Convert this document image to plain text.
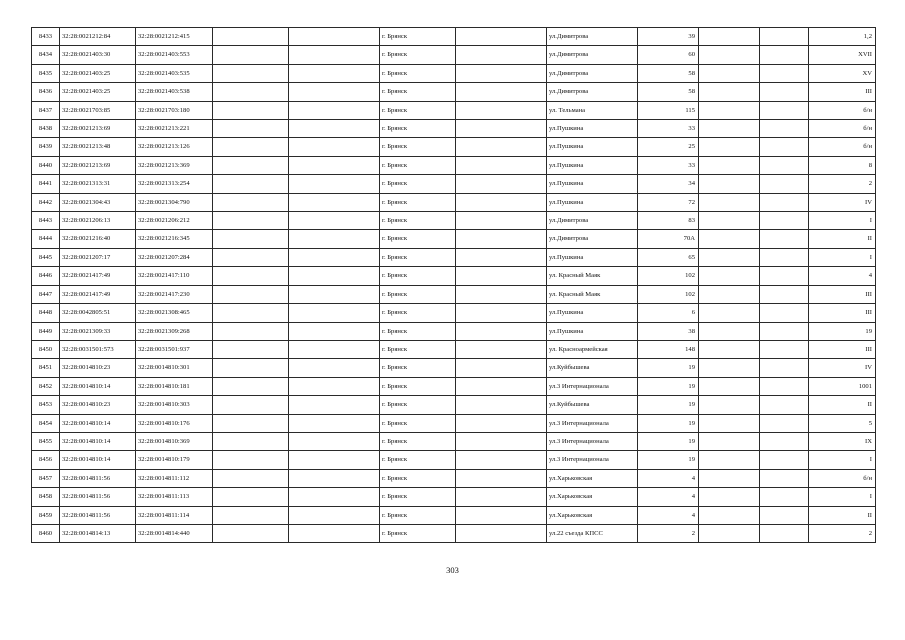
8433	32:28:0021212:84	32:28:0021212:415			г. Брянск		ул.Димитрова	39			1,2
8434	32:28:0021403:30	32:28:0021403:553			г. Брянск		ул.Димитрова	60			XVII
8435	32:28:0021403:25	32:28:0021403:535			г. Брянск		ул.Димитрова	58			XV
8436	32:28:0021403:25	32:28:0021403:538			г. Брянск		ул.Димитрова	58			III
8437	32:28:0021703:85	32:28:0021703:180			г. Брянск		ул. Тельмана	115			б/н
8438	32:28:0021213:69	32:28:0021213:221			г. Брянск		ул.Пушкина	33			б/н
8439	32:28:0021213:48	32:28:0021213:126			г. Брянск		ул.Пушкина	25			б/н
8440	32:28:0021213:69	32:28:0021213:369			г. Брянск		ул.Пушкина	33			8
8441	32:28:0021313:31	32:28:0021313:254			г. Брянск		ул.Пушкина	34			2
8442	32:28:0021304:43	32:28:0021304:790			г. Брянск		ул.Пушкина	72			IV
8443	32:28:0021206:13	32:28:0021206:212			г. Брянск		ул.Димитрова	83			I
8444	32:28:0021216:40	32:28:0021216:345			г. Брянск		ул.Димитрова	70А			II
8445	32:28:0021207:17	32:28:0021207:284			г. Брянск		ул.Пушкина	65			I
8446	32:28:0021417:49	32:28:0021417:110			г. Брянск		ул. Красный Маяк	102			4
8447	32:28:0021417:49	32:28:0021417:230			г. Брянск		ул. Красный Маяк	102			III
8448	32:28:0042805:51	32:28:0021308:465			г. Брянск		ул.Пушкина	6			III
8449	32:28:0021309:33	32:28:0021309:268			г. Брянск		ул.Пушкина	38			19
8450	32:28:0031501:573	32:28:0031501:937			г. Брянск		ул. Красноармейская	148			III
8451	32:28:0014810:23	32:28:0014810:301			г. Брянск		ул.Куйбышева	19			IV
8452	32:28:0014810:14	32:28:0014810:181			г. Брянск		ул.3 Интернационала	19			1001
8453	32:28:0014810:23	32:28:0014810:303			г. Брянск		ул.Куйбышева	19			II
8454	32:28:0014810:14	32:28:0014810:176			г. Брянск		ул.3 Интернационала	19			5
8455	32:28:0014810:14	32:28:0014810:369			г. Брянск		ул.3 Интернационала	19			IX
8456	32:28:0014810:14	32:28:0014810:179			г. Брянск		ул.3 Интернационала	19			I
8457	32:28:0014811:56	32:28:0014811:112			г. Брянск		ул.Харьковская	4			б/н
8458	32:28:0014811:56	32:28:0014811:113			г. Брянск		ул.Харьковская	4			I
8459	32:28:0014811:56	32:28:0014811:114			г. Брянск		ул.Харьковская	4			II
8460	32:28:0014814:13	32:28:0014814:440			г. Брянск		ул.22 съезда КПСС	2			2
303
